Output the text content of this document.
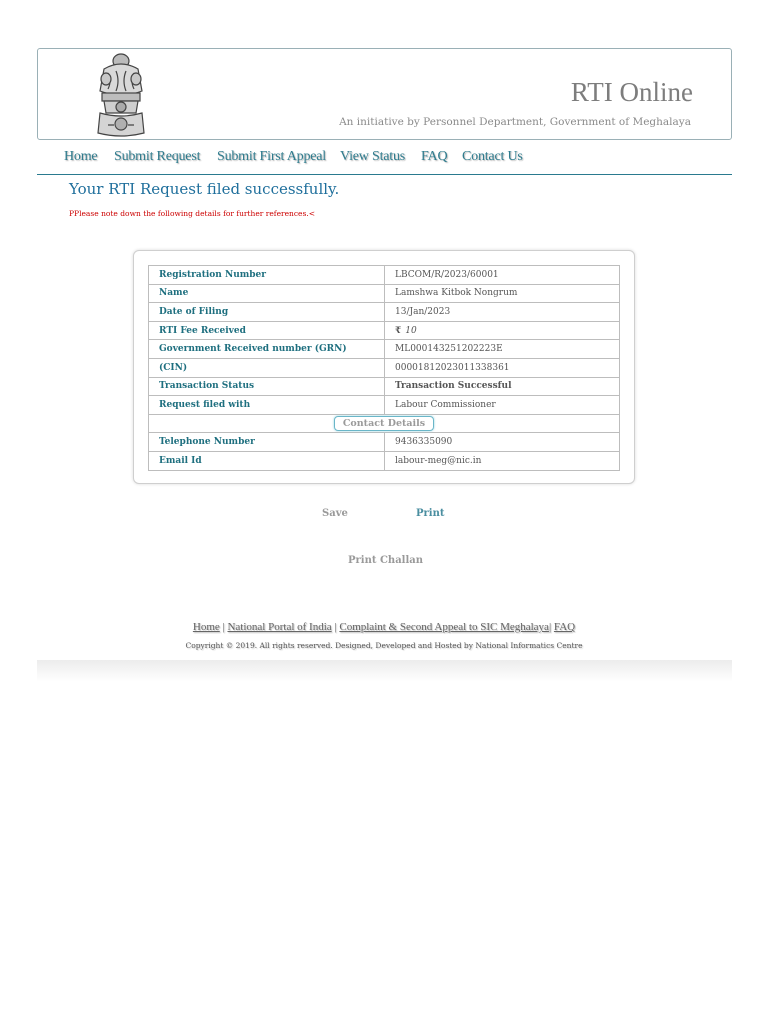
RTI Online
An initiative by Personnel Department, Government of Meghalaya
Home Submit Request Submit First Appeal View Status FAQ Contact Us
Your RTI Request filed successfully.
PPlease note down the following details for further references.<
Registration Number	LBCOM/R/2023/60001
Name	Lamshwa Kitbok Nongrum
Date of Filing	13/Jan/2023
RTI Fee Received	₹ 10
Government Received number (GRN)	ML000143251202223E
(CIN)	00001812023011338361
Transaction Status	Transaction Successful
Request filed with	Labour Commissioner
Contact Details	
Telephone Number	9436335090
Email Id	labour-meg@nic.in
Save	Print
Print Challan
Home | National Portal of India | Complaint & Second Appeal to SIC Meghalaya| FAQ
Copyright © 2019. All rights reserved. Designed, Developed and Hosted by National Informatics Centre
